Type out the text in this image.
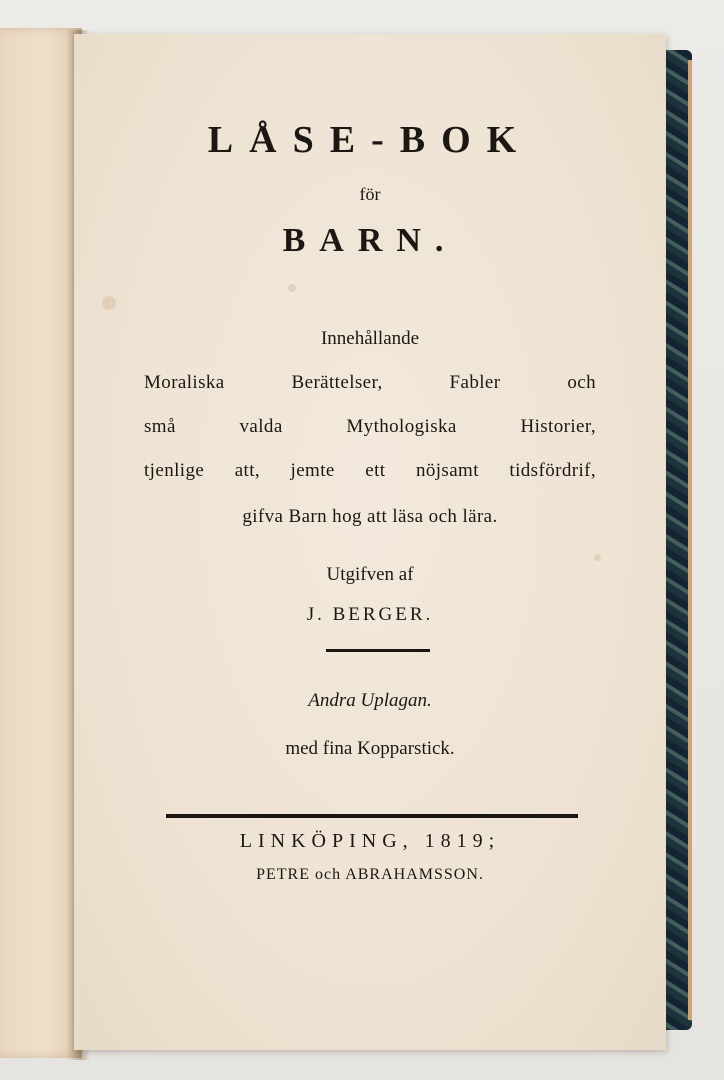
LÅSE-BOK
för
BARN.
Innehållande
Moraliska Berättelser, Fabler och
små valda Mythologiska Historier,
tjenlige att, jemte ett nöjsamt tidsfördrif,
gifva Barn hog att läsa och lära.
Utgifven af
J. BERGER.
Andra Uplagan.
med fina Kopparstick.
LINKÖPING, 1819;
PETRE och ABRAHAMSSON.
